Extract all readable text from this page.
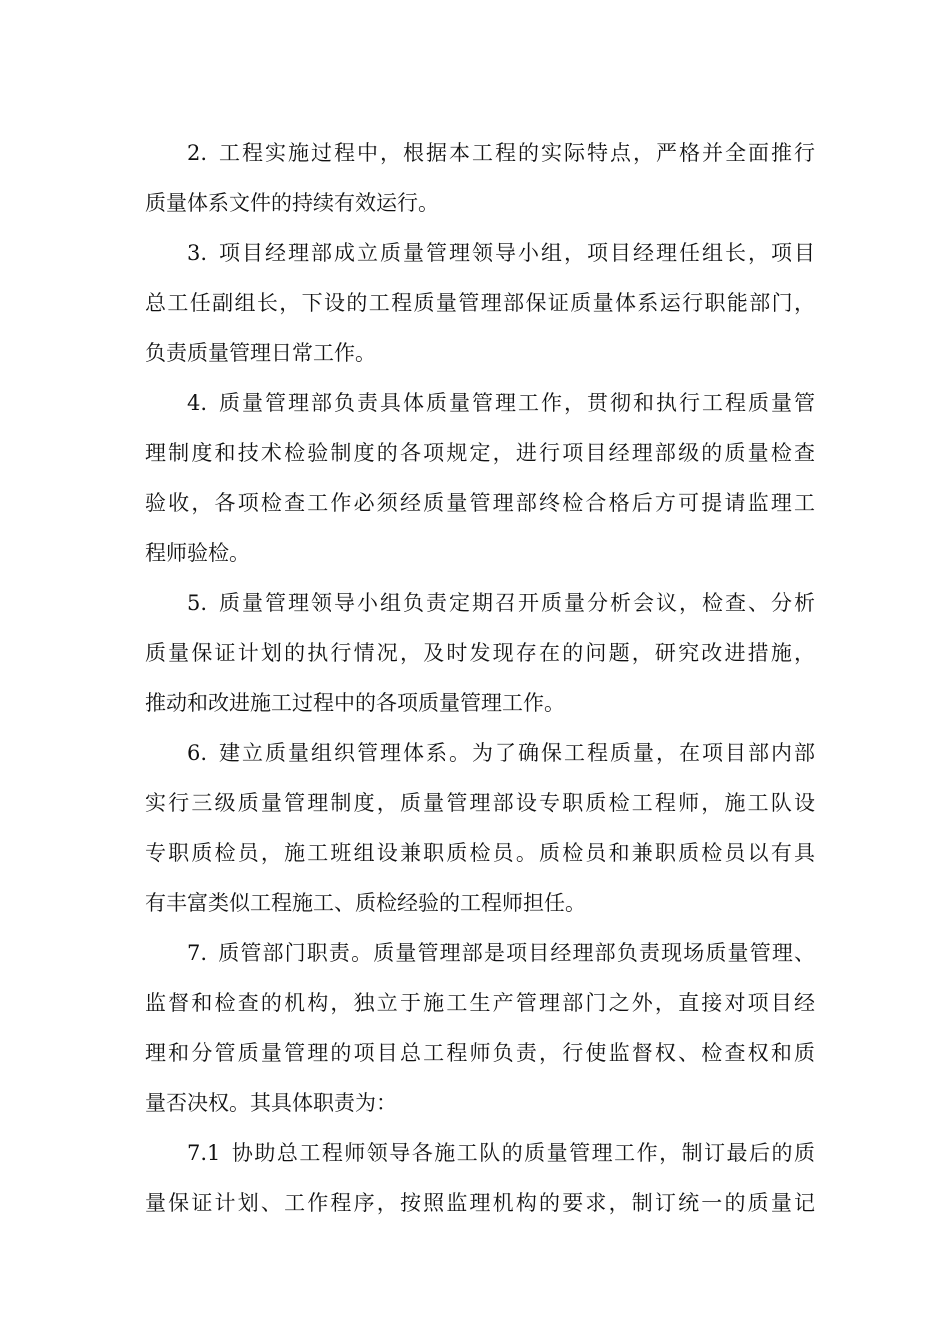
2. 工程实施过程中，根据本工程的实际特点，严格并全面推行
质量体系文件的持续有效运行。
3. 项目经理部成立质量管理领导小组，项目经理任组长，项目
总工任副组长，下设的工程质量管理部保证质量体系运行职能部门，
负责质量管理日常工作。
4. 质量管理部负责具体质量管理工作，贯彻和执行工程质量管
理制度和技术检验制度的各项规定，进行项目经理部级的质量检查
验收，各项检查工作必须经质量管理部终检合格后方可提请监理工
程师验检。
5. 质量管理领导小组负责定期召开质量分析会议，检查、分析
质量保证计划的执行情况，及时发现存在的问题，研究改进措施，
推动和改进施工过程中的各项质量管理工作。
6. 建立质量组织管理体系。为了确保工程质量，在项目部内部
实行三级质量管理制度，质量管理部设专职质检工程师，施工队设
专职质检员，施工班组设兼职质检员。质检员和兼职质检员以有具
有丰富类似工程施工、质检经验的工程师担任。
7. 质管部门职责。质量管理部是项目经理部负责现场质量管理、
监督和检查的机构，独立于施工生产管理部门之外，直接对项目经
理和分管质量管理的项目总工程师负责，行使监督权、检查权和质
量否决权。其具体职责为：
7.1 协助总工程师领导各施工队的质量管理工作，制订最后的质
量保证计划、工作程序，按照监理机构的要求，制订统一的质量记
